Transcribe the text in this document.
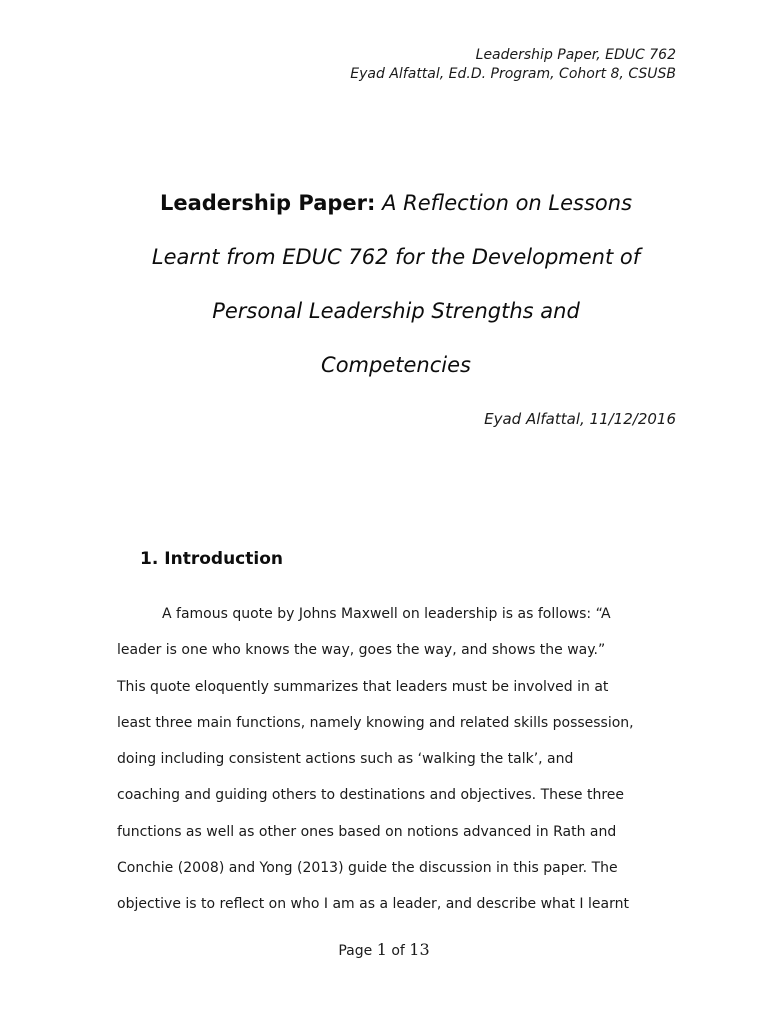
Leadership Paper, EDUC 762
Eyad Alfattal, Ed.D. Program, Cohort 8, CSUSB
Leadership Paper: A Reflection on Lessons
Learnt from EDUC 762 for the Development of
Personal Leadership Strengths and
Competencies
Eyad Alfattal, 11/12/2016
1. Introduction
A famous quote by Johns Maxwell on leadership is as follows: “A
leader is one who knows the way, goes the way, and shows the way.”
This quote eloquently summarizes that leaders must be involved in at
least three main functions, namely knowing and related skills possession,
doing including consistent actions such as ‘walking the talk’, and
coaching and guiding others to destinations and objectives. These three
functions as well as other ones based on notions advanced in Rath and
Conchie (2008) and Yong (2013) guide the discussion in this paper. The
objective is to reflect on who I am as a leader, and describe what I learnt
Page 1 of 13
